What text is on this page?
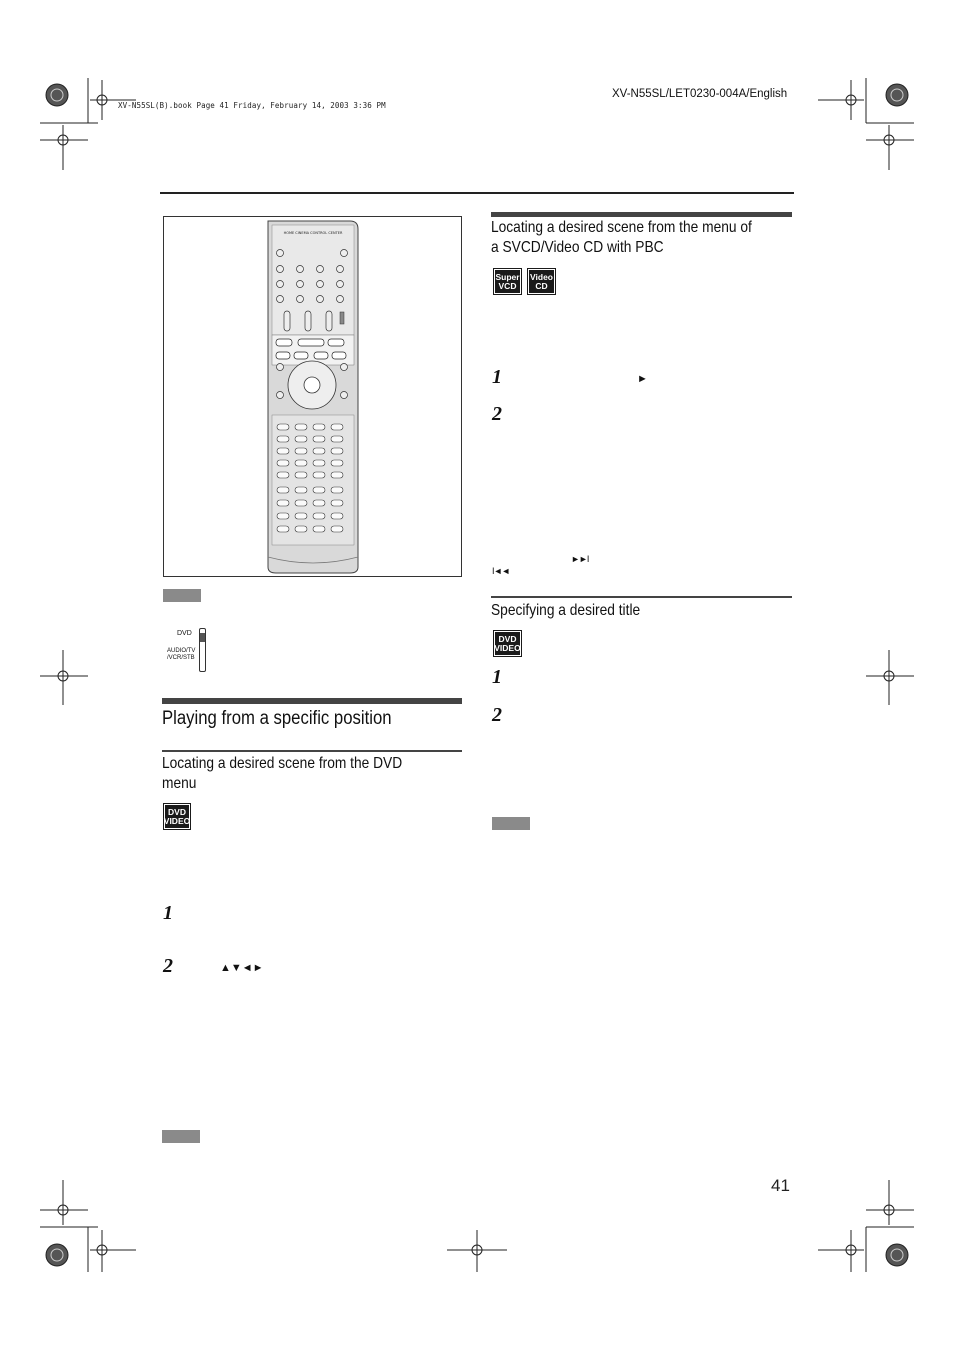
XV-N55SL(B).book Page 41 Friday, February 14, 2003 3:36 PM
XV-N55SL/LET0230-004A/English
HOME CINEMA CONTROL CENTER
DVD
AUDIO/TV
/VCR/STB
Playing from a specific position
Locating a desired scene from the DVD
menu
DVD
VIDEO
1
2	▲▼◄►
Locating a desired scene from the menu of
a SVCD/Video CD with PBC
Super
VCD
Video
CD
1	►
2
►►I
I◄◄
Specifying a desired title
DVD
VIDEO
1
2
41
